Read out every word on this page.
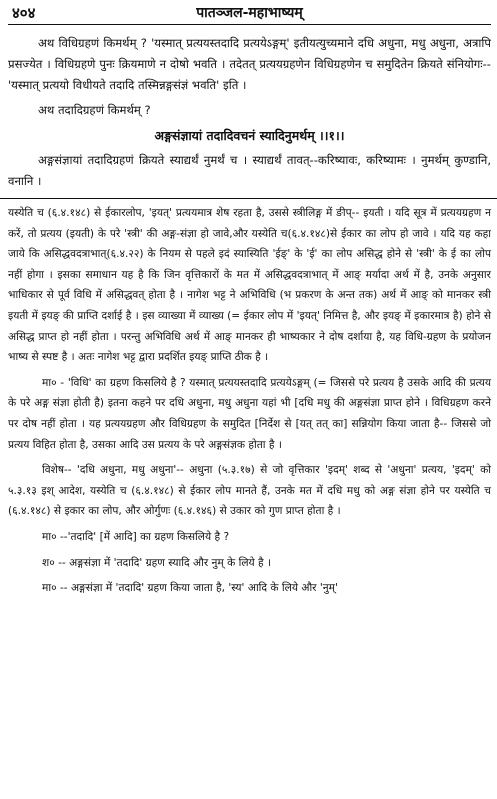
४०४	पातञ्जल-महाभाष्यम्

अथ विधिग्रहणं किमर्थम् ? 'यस्मात् प्रत्ययस्तदादि प्रत्ययेऽङ्गम्' इतीयत्युच्यमाने दधि अधुना, मधु अधुना, अत्रापि प्रसज्येत । विधिग्रहणे पुनः क्रियमाणे न दोषो भवति । तदेतत् प्रत्ययग्रहणेन विधिग्रहणेन च समुदितेन क्रियते संनियोगः-- 'यस्मात् प्रत्ययो विधीयते तदादि तस्मिन्नङ्गसंज्ञं भवति' इति ।

अथ तदादिग्रहणं किमर्थम् ?

अङ्गसंज्ञायां तदादिवचनं स्यादिनुमर्थम् ।।१।।

अङ्गसंज्ञायां तदादिग्रहणं क्रियते स्याद्यर्थं नुमर्थं च । स्याद्यर्थं तावत्--करिष्यावः, करिष्यामः । नुमर्थम् कुण्डानि, वनानि ।

यस्येति च (६.४.१४८) से ईकारलोप, 'इयत्' प्रत्ययमात्र शेष रहता है, उससे स्त्रीलिङ्ग में ङीप्-- इयती । यदि सूत्र में प्रत्ययग्रहण न करें, तो प्रत्यय (इयती) के परे 'स्त्री' की अङ्ग-संज्ञा हो जावे,और यस्येति च(६.४.१४८)से ईकार का लोप हो जावे । यदि यह कहा जाये कि असिद्धवदत्राभात्(६.४.२२) के नियम से पहले इदं स्यास्यिति 'ईङ्' के 'ई' का लोप असिद्ध होने से 'स्त्री' के ई का लोप नहीं होगा । इसका समाधान यह है कि जिन वृत्तिकारों के मत में असिद्धवदत्राभात् में आङ् मर्यादा अर्थ में है, उनके अनुसार भाधिकार से पूर्व विधि में असिद्धवत् होता है । नागेश भट्ट ने अभिविधि (भ प्रकरण के अन्त तक) अर्थ में आङ् को मानकर स्त्री इयती में इयङ् की प्राप्ति दर्शाई है । इस व्याख्या में व्याख्य (= ईकार लोप में 'इयत्' निमित्त है, और इयङ् में इकारमात्र है) होने से असिद्ध प्राप्त हो नहीं होता । परन्तु अभिविधि अर्थ में आङ् मानकर ही भाष्यकार ने दोष दर्शाया है, यह विधि-ग्रहण के प्रयोजन भाष्य से स्पष्ट है । अतः नागेश भट्ट द्वारा प्रदर्शित इयङ् प्राप्ति ठीक है ।

मा० - 'विधि' का ग्रहण किसलिये है ? यस्मात् प्रत्ययस्तदादि प्रत्ययेऽङ्गम् (= जिससे परे प्रत्यय है उसके आदि की प्रत्यय के परे अङ्ग संज्ञा होती है) इतना कहने पर दधि अधुना, मधु अधुना यहां भी [दधि मधु की अङ्गसंज्ञा प्राप्त होने । विधिग्रहण करने पर दोष नहीं होता । यह प्रत्ययग्रहण और विधिग्रहण के समुदित [निर्देश से [यत् तत् का] सन्नियोग किया जाता है-- जिससे जो प्रत्यय विहित होता है, उसका आदि उस प्रत्यय के परे अङ्गसंज्ञक होता है ।

विशेष-- 'दधि अधुना, मधु अधुना'-- अधुना (५.३.१७) से जो वृत्तिकार 'इदम्' शब्द से 'अधुना' प्रत्यय, 'इदम्' को ५.३.१३ इश् आदेश, यस्येति च (६.४.१४८) से ईकार लोप मानते हैं, उनके मत में दधि मधु को अङ्ग संज्ञा होने पर यस्येति च (६.४.१४८) से इकार का लोप, और ओर्गुणः (६.४.१४६) से उकार को गुण प्राप्त होता है ।

मा० --'तदादि' [में आदि] का ग्रहण किसलिये है ?

श० -- अङ्गसंज्ञा में 'तदादि' ग्रहण स्यादि और नुम् के लिये है ।

मा० -- अङ्गसंज्ञा में 'तदादि' ग्रहण किया जाता है, 'स्य' आदि के लिये और 'नुम्'
